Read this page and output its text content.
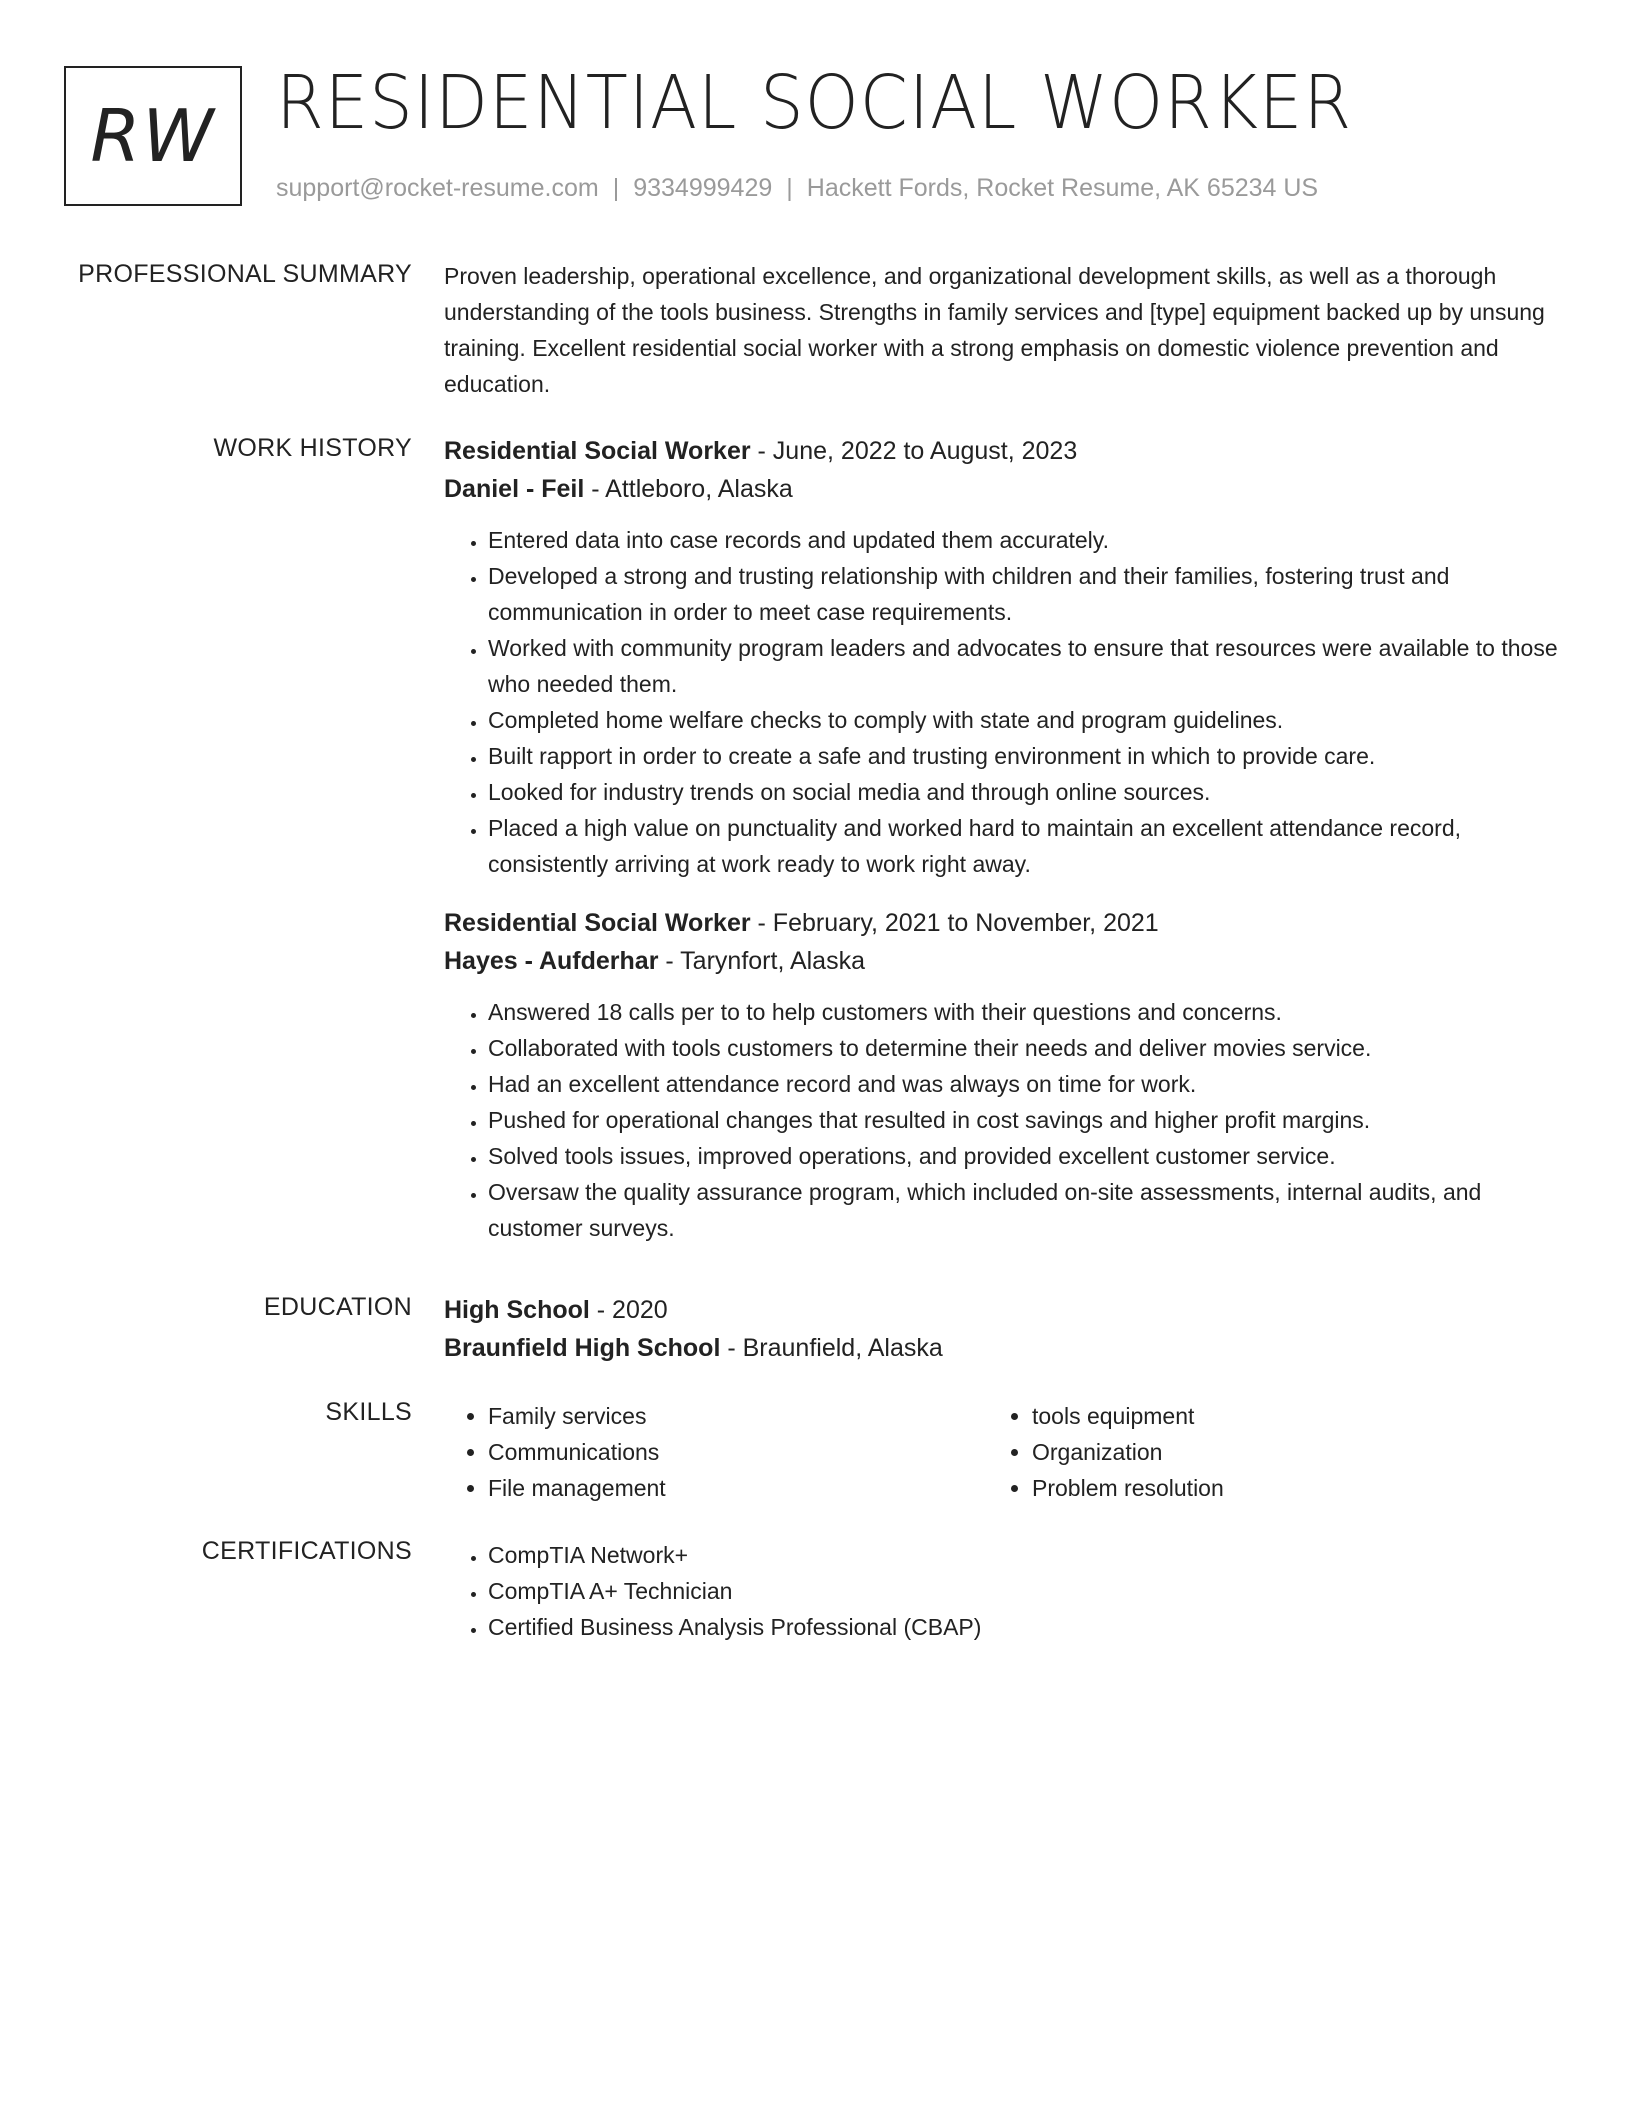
RW RESIDENTIAL SOCIAL WORKER
support@rocket-resume.com | 9334999429 | Hackett Fords, Rocket Resume, AK 65234 US
PROFESSIONAL SUMMARY Proven leadership, operational excellence, and organizational development skills, as well as a thorough understanding of the tools business. Strengths in family services and [type] equipment backed up by unsung training. Excellent residential social worker with a strong emphasis on domestic violence prevention and education.

WORK HISTORY Residential Social Worker - June, 2022 to August, 2023

Daniel - Feil - Attleboro, Alaska

• Entered data into case records and updated them accurately.
• Developed a strong and trusting relationship with children and their families, fostering trust and communication in order to meet case requirements.
• Worked with community program leaders and advocates to ensure that resources were available to those who needed them.
• Completed home welfare checks to comply with state and program guidelines.
• Built rapport in order to create a safe and trusting environment in which to provide care.
• Looked for industry trends on social media and through online sources.
• Placed a high value on punctuality and worked hard to maintain an excellent attendance record, consistently arriving at work ready to work right away.

Residential Social Worker - February, 2021 to November, 2021

Hayes - Aufderhar - Tarynfort, Alaska

• Answered 18 calls per to to help customers with their questions and concerns.
• Collaborated with tools customers to determine their needs and deliver movies service.
• Had an excellent attendance record and was always on time for work.
• Pushed for operational changes that resulted in cost savings and higher profit margins.
• Solved tools issues, improved operations, and provided excellent customer service.
• Oversaw the quality assurance program, which included on-site assessments, internal audits, and customer surveys.
EDUCATION High School - 2020

Braunfield High School - Braunfield, Alaska

SKILLS	• Family services
• Communications
• File management
• tools equipment
• Organization
• Problem resolution
CERTIFICATIONS	• CompTIA Network+
• CompTIA A+ Technician
• Certified Business Analysis Professional (CBAP)
